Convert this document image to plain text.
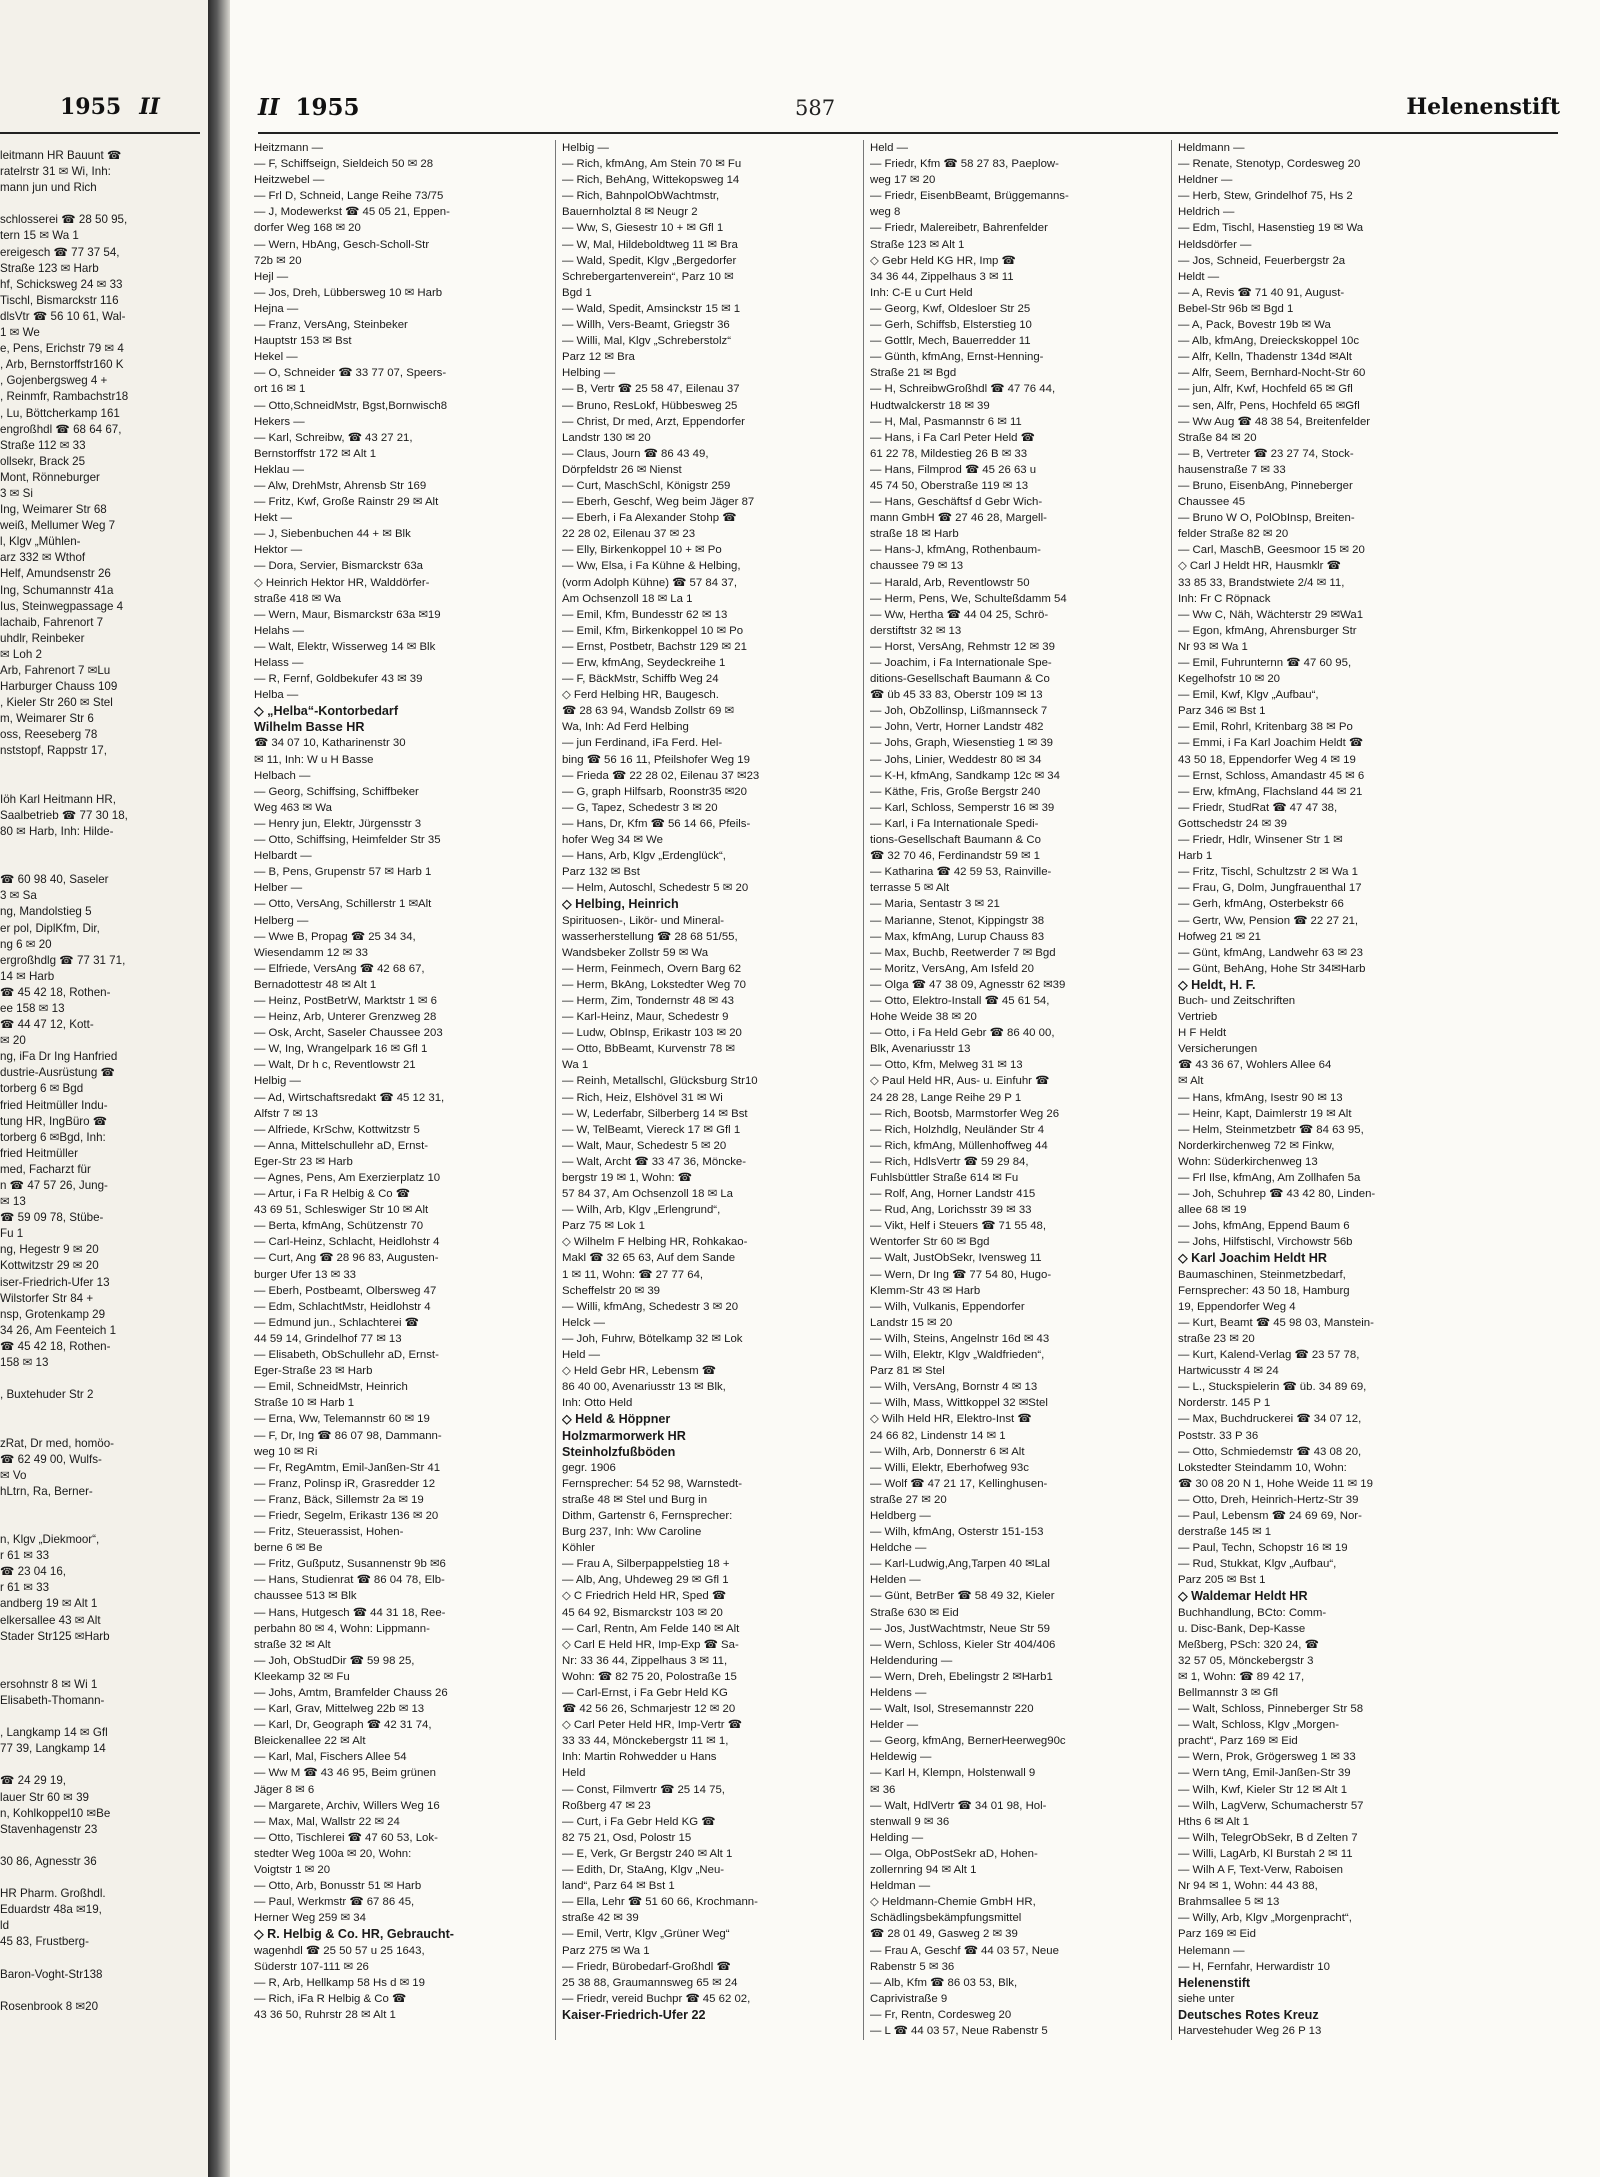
1955 II
leitmann HR Bauunt ☎
ratelrstr 31 ✉ Wi, Inh:
mann jun und Rich
schlosserei ☎ 28 50 95,
tern 15 ✉ Wa 1
ereigesch ☎ 77 37 54,
Straße 123 ✉ Harb
hf, Schicksweg 24 ✉ 33
Tischl, Bismarckstr 116
dlsVtr ☎ 56 10 61, Wal-
1 ✉ We
e, Pens, Erichstr 79 ✉ 4
, Arb, Bernstorffstr160 K
, Gojenbergsweg 4 +
, Reinmfr, Rambachstr18
, Lu, Böttcherkamp 161
engroßhdl ☎ 68 64 67,
Straße 112 ✉ 33
ollsekr, Brack 25
Mont, Rönneburger
3 ✉ Si
Ing, Weimarer Str 68
weiß, Mellumer Weg 7
l, Klgv „Mühlen-
arz 332 ✉ Wthof
Helf, Amundsenstr 26
Ing, Schumannstr 41a
Ius, Steinwegpassage 4
lachaib, Fahrenort 7
uhdlr, Reinbeker
✉ Loh 2
Arb, Fahrenort 7 ✉Lu
Harburger Chauss 109
, Kieler Str 260 ✉ Stel
m, Weimarer Str 6
oss, Reeseberg 78
nststopf, Rappstr 17,
Iöh Karl Heitmann HR,
Saalbetrieb ☎ 77 30 18,
80 ✉ Harb, Inh: Hilde-
☎ 60 98 40, Saseler
3 ✉ Sa
ng, Mandolstieg 5
er pol, DiplKfm, Dir,
ng 6 ✉ 20
ergroßhdlg ☎ 77 31 71,
14 ✉ Harb
☎ 45 42 18, Rothen-
ee 158 ✉ 13
☎ 44 47 12, Kott-
✉ 20
ng, iFa Dr Ing Hanfried
dustrie-Ausrüstung ☎
torberg 6 ✉ Bgd
fried Heitmüller Indu-
tung HR, IngBüro ☎
torberg 6 ✉Bgd, Inh:
fried Heitmüller
med, Facharzt für
n ☎ 47 57 26, Jung-
✉ 13
☎ 59 09 78, Stübe-
Fu 1
ng, Hegestr 9 ✉ 20
Kottwitzstr 29 ✉ 20
iser-Friedrich-Ufer 13
Wilstorfer Str 84 +
nsp, Grotenkamp 29
34 26, Am Feenteich 1
☎ 45 42 18, Rothen-
158 ✉ 13
, Buxtehuder Str 2
zRat, Dr med, homöo-
☎ 62 49 00, Wulfs-
✉ Vo
hLtrn, Ra, Berner-
n, Klgv „Diekmoor“,
r 61 ✉ 33
☎ 23 04 16,
r 61 ✉ 33
andberg 19 ✉ Alt 1
elkersallee 43 ✉ Alt
Stader Str125 ✉Harb
ersohnstr 8 ✉ Wi 1
Elisabeth-Thomann-
, Langkamp 14 ✉ Gfl
77 39, Langkamp 14
☎ 24 29 19,
lauer Str 60 ✉ 39
n, Kohlkoppel10 ✉Be
Stavenhagenstr 23
30 86, Agnesstr 36
HR Pharm. Großhdl.
Eduardstr 48a ✉19,
ld
45 83, Frustberg-
Baron-Voght-Str138
Rosenbrook 8 ✉20
II 1955	587	Helenenstift
Heitzmann —
— F, Schiffseign, Sieldeich 50 ✉ 28
Heitzwebel —
— Frl D, Schneid, Lange Reihe 73/75
— J, Modewerkst ☎ 45 05 21, Eppen-
dorfer Weg 168 ✉ 20
— Wern, HbAng, Gesch-Scholl-Str
72b ✉ 20
Hejl —
— Jos, Dreh, Lübbersweg 10 ✉ Harb
Hejna —
— Franz, VersAng, Steinbeker
Hauptstr 153 ✉ Bst
Hekel —
— O, Schneider ☎ 33 77 07, Speers-
ort 16 ✉ 1
— Otto,SchneidMstr, Bgst,Bornwisch8
Hekers —
— Karl, Schreibw, ☎ 43 27 21,
Bernstorffstr 172 ✉ Alt 1
Heklau —
— Alw, DrehMstr, Ahrensb Str 169
— Fritz, Kwf, Große Rainstr 29 ✉ Alt
Hekt —
— J, Siebenbuchen 44 + ✉ Blk
Hektor —
— Dora, Servier, Bismarckstr 63a
◇ Heinrich Hektor HR, Walddörfer-
straße 418 ✉ Wa
— Wern, Maur, Bismarckstr 63a ✉19
Helahs —
— Walt, Elektr, Wisserweg 14 ✉ Blk
Helass —
— R, Fernf, Goldbekufer 43 ✉ 39
Helba —
◇ „Helba“-Kontorbedarf
Wilhelm Basse HR
☎ 34 07 10, Katharinenstr 30
✉ 11, Inh: W u H Basse
Helbach —
— Georg, Schiffsing, Schiffbeker
Weg 463 ✉ Wa
— Henry jun, Elektr, Jürgensstr 3
— Otto, Schiffsing, Heimfelder Str 35
Helbardt —
— B, Pens, Grupenstr 57 ✉ Harb 1
Helber —
— Otto, VersAng, Schillerstr 1 ✉Alt
Helberg —
— Wwe B, Propag ☎ 25 34 34,
Wiesendamm 12 ✉ 33
— Elfriede, VersAng ☎ 42 68 67,
Bernadottestr 48 ✉ Alt 1
— Heinz, PostBetrW, Marktstr 1 ✉ 6
— Heinz, Arb, Unterer Grenzweg 28
— Osk, Archt, Saseler Chaussee 203
— W, Ing, Wrangelpark 16 ✉ Gfl 1
— Walt, Dr h c, Reventlowstr 21
Helbig —
— Ad, Wirtschaftsredakt ☎ 45 12 31,
Alfstr 7 ✉ 13
— Alfriede, KrSchw, Kottwitzstr 5
— Anna, Mittelschullehr aD, Ernst-
Eger-Str 23 ✉ Harb
— Agnes, Pens, Am Exerzierplatz 10
— Artur, i Fa R Helbig & Co ☎
43 69 51, Schleswiger Str 10 ✉ Alt
— Berta, kfmAng, Schützenstr 70
— Carl-Heinz, Schlacht, Heidlohstr 4
— Curt, Ang ☎ 28 96 83, Augusten-
burger Ufer 13 ✉ 33
— Eberh, Postbeamt, Olbersweg 47
— Edm, SchlachtMstr, Heidlohstr 4
— Edmund jun., Schlachterei ☎
44 59 14, Grindelhof 77 ✉ 13
— Elisabeth, ObSchullehr aD, Ernst-
Eger-Straße 23 ✉ Harb
— Emil, SchneidMstr, Heinrich
Straße 10 ✉ Harb 1
— Erna, Ww, Telemannstr 60 ✉ 19
— F, Dr, Ing ☎ 86 07 98, Dammann-
weg 10 ✉ Ri
— Fr, RegAmtm, Emil-Janßen-Str 41
— Franz, Polinsp iR, Grasredder 12
— Franz, Bäck, Sillemstr 2a ✉ 19
— Friedr, Segelm, Erikastr 136 ✉ 20
— Fritz, Steuerassist, Hohen-
berne 6 ✉ Be
— Fritz, Gußputz, Susannenstr 9b ✉6
— Hans, Studienrat ☎ 86 04 78, Elb-
chaussee 513 ✉ Blk
— Hans, Hutgesch ☎ 44 31 18, Ree-
perbahn 80 ✉ 4, Wohn: Lippmann-
straße 32 ✉ Alt
— Joh, ObStudDir ☎ 59 98 25,
Kleekamp 32 ✉ Fu
— Johs, Amtm, Bramfelder Chauss 26
— Karl, Grav, Mittelweg 22b ✉ 13
— Karl, Dr, Geograph ☎ 42 31 74,
Bleickenallee 22 ✉ Alt
— Karl, Mal, Fischers Allee 54
— Ww M ☎ 43 46 95, Beim grünen
Jäger 8 ✉ 6
— Margarete, Archiv, Willers Weg 16
— Max, Mal, Wallstr 22 ✉ 24
— Otto, Tischlerei ☎ 47 60 53, Lok-
stedter Weg 100a ✉ 20, Wohn:
Voigtstr 1 ✉ 20
— Otto, Arb, Bonusstr 51 ✉ Harb
— Paul, Werkmstr ☎ 67 86 45,
Herner Weg 259 ✉ 34
◇ R. Helbig & Co. HR, Gebraucht-
wagenhdl ☎ 25 50 57 u 25 1643,
Süderstr 107-111 ✉ 26
— R, Arb, Hellkamp 58 Hs d ✉ 19
— Rich, iFa R Helbig & Co ☎
43 36 50, Ruhrstr 28 ✉ Alt 1
Helbig —
— Rich, kfmAng, Am Stein 70 ✉ Fu
— Rich, BehAng, Wittekopsweg 14
— Rich, BahnpolObWachtmstr,
Bauernholztal 8 ✉ Neugr 2
— Ww, S, Giesestr 10 + ✉ Gfl 1
— W, Mal, Hildeboldtweg 11 ✉ Bra
— Wald, Spedit, Klgv „Bergedorfer
Schrebergartenverein“, Parz 10 ✉
Bgd 1
— Wald, Spedit, Amsinckstr 15 ✉ 1
— Willh, Vers-Beamt, Griegstr 36
— Willi, Mal, Klgv „Schreberstolz“
Parz 12 ✉ Bra
Helbing —
— B, Vertr ☎ 25 58 47, Eilenau 37
— Bruno, ResLokf, Hübbesweg 25
— Christ, Dr med, Arzt, Eppendorfer
Landstr 130 ✉ 20
— Claus, Journ ☎ 86 43 49,
Dörpfeldstr 26 ✉ Nienst
— Curt, MaschSchl, Königstr 259
— Eberh, Geschf, Weg beim Jäger 87
— Eberh, i Fa Alexander Stohp ☎
22 28 02, Eilenau 37 ✉ 23
— Elly, Birkenkoppel 10 + ✉ Po
— Ww, Elsa, i Fa Kühne & Helbing,
(vorm Adolph Kühne) ☎ 57 84 37,
Am Ochsenzoll 18 ✉ La 1
— Emil, Kfm, Bundesstr 62 ✉ 13
— Emil, Kfm, Birkenkoppel 10 ✉ Po
— Ernst, Postbetr, Bachstr 129 ✉ 21
— Erw, kfmAng, Seydeckreihe 1
— F, BäckMstr, Schiffb Weg 24
◇ Ferd Helbing HR, Baugesch.
☎ 28 63 94, Wandsb Zollstr 69 ✉
Wa, Inh: Ad Ferd Helbing
— jun Ferdinand, iFa Ferd. Hel-
bing ☎ 56 16 11, Pfeilshofer Weg 19
— Frieda ☎ 22 28 02, Eilenau 37 ✉23
— G, graph Hilfsarb, Roonstr35 ✉20
— G, Tapez, Schedestr 3 ✉ 20
— Hans, Dr, Kfm ☎ 56 14 66, Pfeils-
hofer Weg 34 ✉ We
— Hans, Arb, Klgv „Erdenglück“,
Parz 132 ✉ Bst
— Helm, Autoschl, Schedestr 5 ✉ 20
◇ Helbing, Heinrich
Spirituosen-, Likör- und Mineral-
wasserherstellung ☎ 28 68 51/55,
Wandsbeker Zollstr 59 ✉ Wa
— Herm, Feinmech, Overn Barg 62
— Herm, BkAng, Lokstedter Weg 70
— Herm, Zim, Tondernstr 48 ✉ 43
— Karl-Heinz, Maur, Schedestr 9
— Ludw, ObInsp, Erikastr 103 ✉ 20
— Otto, BbBeamt, Kurvenstr 78 ✉
Wa 1
— Reinh, Metallschl, Glücksburg Str10
— Rich, Heiz, Elshövel 31 ✉ Wi
— W, Lederfabr, Silberberg 14 ✉ Bst
— W, TelBeamt, Viereck 17 ✉ Gfl 1
— Walt, Maur, Schedestr 5 ✉ 20
— Walt, Archt ☎ 33 47 36, Mönckе-
bergstr 19 ✉ 1, Wohn: ☎
57 84 37, Am Ochsenzoll 18 ✉ La
— Wilh, Arb, Klgv „Erlengrund“,
Parz 75 ✉ Lok 1
◇ Wilhelm F Helbing HR, Rohkakao-
Makl ☎ 32 65 63, Auf dem Sande
1 ✉ 11, Wohn: ☎ 27 77 64,
Scheffelstr 20 ✉ 39
— Willi, kfmAng, Schedestr 3 ✉ 20
Helck —
— Joh, Fuhrw, Bötelkamp 32 ✉ Lok
Held —
◇ Held Gebr HR, Lebensm ☎
86 40 00, Avenariusstr 13 ✉ Blk,
Inh: Otto Held
◇ Held & Höppner
Holzmarmorwerk HR
Steinholzfußböden
gegr. 1906
Fernsprecher: 54 52 98, Warnstedt-
straße 48 ✉ Stel und Burg in
Dithm, Gartenstr 6, Fernsprecher:
Burg 237, Inh: Ww Caroline
Köhler
— Frau A, Silberpappelstieg 18 +
— Alb, Ang, Uhdeweg 29 ✉ Gfl 1
◇ C Friedrich Held HR, Sped ☎
45 64 92, Bismarckstr 103 ✉ 20
— Carl, Rentn, Am Felde 140 ✉ Alt
◇ Carl E Held HR, Imp-Exp ☎ Sa-
Nr: 33 36 44, Zippelhaus 3 ✉ 11,
Wohn: ☎ 82 75 20, Polostraße 15
— Carl-Ernst, i Fa Gebr Held KG
☎ 42 56 26, Schmarjestr 12 ✉ 20
◇ Carl Peter Held HR, Imp-Vertr ☎
33 33 44, Mönckebergstr 11 ✉ 1,
Inh: Martin Rohwedder u Hans
Held
— Const, Filmvertr ☎ 25 14 75,
Roßberg 47 ✉ 23
— Curt, i Fa Gebr Held KG ☎
82 75 21, Osd, Polostr 15
— E, Verk, Gr Bergstr 240 ✉ Alt 1
— Edith, Dr, StaAng, Klgv „Neu-
land“, Parz 64 ✉ Bst 1
— Ella, Lehr ☎ 51 60 66, Krochmann-
straße 42 ✉ 39
— Emil, Vertr, Klgv „Grüner Weg“
Parz 275 ✉ Wa 1
— Friedr, Bürobedarf-Großhdl ☎
25 38 88, Graumannsweg 65 ✉ 24
— Friedr, vereid Buchpr ☎ 45 62 02,
Kaiser-Friedrich-Ufer 22
Held —
— Friedr, Kfm ☎ 58 27 83, Paeplow-
weg 17 ✉ 20
— Friedr, EisenbBeamt, Brüggemanns-
weg 8
— Friedr, Malereibetr, Bahrenfelder
Straße 123 ✉ Alt 1
◇ Gebr Held KG HR, Imp ☎
34 36 44, Zippelhaus 3 ✉ 11
Inh: C-E u Curt Held
— Georg, Kwf, Oldesloer Str 25
— Gerh, Schiffsb, Elsterstieg 10
— Gottlr, Mech, Bauerredder 11
— Günth, kfmAng, Ernst-Henning-
Straße 21 ✉ Bgd
— H, SchreibwGroßhdl ☎ 47 76 44,
Hudtwalckerstr 18 ✉ 39
— H, Mal, Pasmannstr 6 ✉ 11
— Hans, i Fa Carl Peter Held ☎
61 22 78, Mildestieg 26 B ✉ 33
— Hans, Filmprod ☎ 45 26 63 u
45 74 50, Oberstraße 119 ✉ 13
— Hans, Geschäftsf d Gebr Wich-
mann GmbH ☎ 27 46 28, Margell-
straße 18 ✉ Harb
— Hans-J, kfmAng, Rothenbaum-
chaussee 79 ✉ 13
— Harald, Arb, Reventlowstr 50
— Herm, Pens, We, Schulteßdamm 54
— Ww, Hertha ☎ 44 04 25, Schrö-
derstiftstr 32 ✉ 13
— Horst, VersAng, Rehmstr 12 ✉ 39
— Joachim, i Fa Internationale Spe-
ditions-Gesellschaft Baumann & Co
☎ üb 45 33 83, Oberstr 109 ✉ 13
— Joh, ObZollinsp, Lißmannseck 7
— John, Vertr, Horner Landstr 482
— Johs, Graph, Wiesenstieg 1 ✉ 39
— Johs, Linier, Weddestr 80 ✉ 34
— K-H, kfmAng, Sandkamp 12c ✉ 34
— Käthe, Fris, Große Bergstr 240
— Karl, Schloss, Semperstr 16 ✉ 39
— Karl, i Fa Internationale Spedi-
tions-Gesellschaft Baumann & Co
☎ 32 70 46, Ferdinandstr 59 ✉ 1
— Katharina ☎ 42 59 53, Rainville-
terrasse 5 ✉ Alt
— Maria, Sentastr 3 ✉ 21
— Marianne, Stenot, Kippingstr 38
— Max, kfmAng, Lurup Chauss 83
— Max, Buchb, Reetwerder 7 ✉ Bgd
— Moritz, VersAng, Am Isfeld 20
— Olga ☎ 47 38 09, Agnesstr 62 ✉39
— Otto, Elektro-Install ☎ 45 61 54,
Hohe Weide 38 ✉ 20
— Otto, i Fa Held Gebr ☎ 86 40 00,
Blk, Avenariusstr 13
— Otto, Kfm, Melweg 31 ✉ 13
◇ Paul Held HR, Aus- u. Einfuhr ☎
24 28 28, Lange Reihe 29 P 1
— Rich, Bootsb, Marmstorfer Weg 26
— Rich, Holzhdlg, Neuländer Str 4
— Rich, kfmAng, Müllenhoffweg 44
— Rich, HdlsVertr ☎ 59 29 84,
Fuhlsbüttler Straße 614 ✉ Fu
— Rolf, Ang, Horner Landstr 415
— Rud, Ang, Lorichsstr 39 ✉ 33
— Vikt, Helf i Steuers ☎ 71 55 48,
Wentorfer Str 60 ✉ Bgd
— Walt, JustObSekr, Ivensweg 11
— Wern, Dr Ing ☎ 77 54 80, Hugo-
Klemm-Str 43 ✉ Harb
— Wilh, Vulkanis, Eppendorfer
Landstr 15 ✉ 20
— Wilh, Steins, Angelnstr 16d ✉ 43
— Wilh, Elektr, Klgv „Waldfrieden“,
Parz 81 ✉ Stel
— Wilh, VersAng, Bornstr 4 ✉ 13
— Wilh, Mass, Wittkoppel 32 ✉Stel
◇ Wilh Held HR, Elektro-Inst ☎
24 66 82, Lindenstr 14 ✉ 1
— Wilh, Arb, Donnerstr 6 ✉ Alt
— Willi, Elektr, Eberhofweg 93c
— Wolf ☎ 47 21 17, Kellinghusen-
straße 27 ✉ 20
Heldberg —
— Wilh, kfmAng, Osterstr 151-153
Heldche —
— Karl-Ludwig,Ang,Tarpen 40 ✉Lal
Helden —
— Günt, BetrBer ☎ 58 49 32, Kieler
Straße 630 ✉ Eid
— Jos, JustWachtmstr, Neue Str 59
— Wern, Schloss, Kieler Str 404/406
Heldenduring —
— Wern, Dreh, Ebelingstr 2 ✉Harb1
Heldens —
— Walt, Isol, Stresemannstr 220
Helder —
— Georg, kfmAng, BernerHeerweg90c
Heldewig —
— Karl H, Klempn, Holstenwall 9
✉ 36
— Walt, HdlVertr ☎ 34 01 98, Hol-
stenwall 9 ✉ 36
Helding —
— Olga, ObPostSekr aD, Hohen-
zollernring 94 ✉ Alt 1
Heldman —
◇ Heldmann-Chemie GmbH HR,
Schädlingsbekämpfungsmittel
☎ 28 01 49, Gasweg 2 ✉ 39
— Frau A, Geschf ☎ 44 03 57, Neue
Rabenstr 5 ✉ 36
— Alb, Kfm ☎ 86 03 53, Blk,
Caprivistraße 9
— Fr, Rentn, Cordesweg 20
— L ☎ 44 03 57, Neue Rabenstr 5
Heldmann —
— Renate, Stenotyp, Cordesweg 20
Heldner —
— Herb, Stew, Grindelhof 75, Hs 2
Heldrich —
— Edm, Tischl, Hasenstieg 19 ✉ Wa
Heldsdörfer —
— Jos, Schneid, Feuerbergstr 2a
Heldt —
— A, Revis ☎ 71 40 91, August-
Bebel-Str 96b ✉ Bgd 1
— A, Pack, Bovestr 19b ✉ Wa
— Alb, kfmAng, Dreieckskoppel 10c
— Alfr, Kelln, Thadenstr 134d ✉Alt
— Alfr, Seem, Bernhard-Nocht-Str 60
— jun, Alfr, Kwf, Hochfeld 65 ✉ Gfl
— sen, Alfr, Pens, Hochfeld 65 ✉Gfl
— Ww Aug ☎ 48 38 54, Breitenfelder
Straße 84 ✉ 20
— B, Vertreter ☎ 23 27 74, Stock-
hausenstraße 7 ✉ 33
— Bruno, EisenbAng, Pinneberger
Chaussee 45
— Bruno W O, PolObInsp, Breiten-
felder Straße 82 ✉ 20
— Carl, MaschB, Geesmoor 15 ✉ 20
◇ Carl J Heldt HR, Hausmklr ☎
33 85 33, Brandstwiete 2/4 ✉ 11,
Inh: Fr C Röpnack
— Ww C, Näh, Wächterstr 29 ✉Wa1
— Egon, kfmAng, Ahrensburger Str
Nr 93 ✉ Wa 1
— Emil, Fuhrunternn ☎ 47 60 95,
Kegelhofstr 10 ✉ 20
— Emil, Kwf, Klgv „Aufbau“,
Parz 346 ✉ Bst 1
— Emil, Rohrl, Kritenbarg 38 ✉ Po
— Emmi, i Fa Karl Joachim Heldt ☎
43 50 18, Eppendorfer Weg 4 ✉ 19
— Ernst, Schloss, Amandastr 45 ✉ 6
— Erw, kfmAng, Flachsland 44 ✉ 21
— Friedr, StudRat ☎ 47 47 38,
Gottschedstr 24 ✉ 39
— Friedr, Hdlr, Winsener Str 1 ✉
Harb 1
— Fritz, Tischl, Schultzstr 2 ✉ Wa 1
— Frau, G, Dolm, Jungfrauenthal 17
— Gerh, kfmAng, Osterbekstr 66
— Gertr, Ww, Pension ☎ 22 27 21,
Hofweg 21 ✉ 21
— Günt, kfmAng, Landwehr 63 ✉ 23
— Günt, BehAng, Hohe Str 34✉Harb
◇ Heldt, H. F.
Buch- und Zeitschriften
Vertrieb
H F Heldt
Versicherungen
☎ 43 36 67, Wohlers Allee 64
✉ Alt
— Hans, kfmAng, Isestr 90 ✉ 13
— Heinr, Kapt, Daimlerstr 19 ✉ Alt
— Helm, Steinmetzbetr ☎ 84 63 95,
Norderkirchenweg 72 ✉ Finkw,
Wohn: Süderkirchenweg 13
— Frl Ilse, kfmAng, Am Zollhafen 5a
— Joh, Schuhrep ☎ 43 42 80, Linden-
allee 68 ✉ 19
— Johs, kfmAng, Eppend Baum 6
— Johs, Hilfstischl, Virchowstr 56b
◇ Karl Joachim Heldt HR
Baumaschinen, Steinmetzbedarf,
Fernsprecher: 43 50 18, Hamburg
19, Eppendorfer Weg 4
— Kurt, Beamt ☎ 45 98 03, Manstein-
straße 23 ✉ 20
— Kurt, Kalend-Verlag ☎ 23 57 78,
Hartwicusstr 4 ✉ 24
— L., Stuckspielerin ☎ üb. 34 89 69,
Norderstr. 145 P 1
— Max, Buchdruckerei ☎ 34 07 12,
Poststr. 33 P 36
— Otto, Schmiedemstr ☎ 43 08 20,
Lokstedter Steindamm 10, Wohn:
☎ 30 08 20 N 1, Hohe Weide 11 ✉ 19
— Otto, Dreh, Heinrich-Hertz-Str 39
— Paul, Lebensm ☎ 24 69 69, Nor-
derstraße 145 ✉ 1
— Paul, Techn, Schopstr 16 ✉ 19
— Rud, Stukkat, Klgv „Aufbau“,
Parz 205 ✉ Bst 1
◇ Waldemar Heldt HR
Buchhandlung, BCto: Comm-
u. Disc-Bank, Dep-Kasse
Meßberg, PSch: 320 24, ☎
32 57 05, Mönckebergstr 3
✉ 1, Wohn: ☎ 89 42 17,
Bellmannstr 3 ✉ Gfl
— Walt, Schloss, Pinneberger Str 58
— Walt, Schloss, Klgv „Morgen-
pracht“, Parz 169 ✉ Eid
— Wern, Prok, Grögersweg 1 ✉ 33
— Wern tAng, Emil-Janßen-Str 39
— Wilh, Kwf, Kieler Str 12 ✉ Alt 1
— Wilh, LagVerw, Schumacherstr 57
Hths 6 ✉ Alt 1
— Wilh, TelegrObSekr, B d Zelten 7
— Willi, LagArb, Kl Burstah 2 ✉ 11
— Wilh A F, Text-Verw, Raboisen
Nr 94 ✉ 1, Wohn: 44 43 88,
Brahmsallee 5 ✉ 13
— Willy, Arb, Klgv „Morgenpracht“,
Parz 169 ✉ Eid
Helemann —
— H, Fernfahr, Herwardistr 10
Helenenstift
siehe unter
Deutsches Rotes Kreuz
Harvestehuder Weg 26 P 13
